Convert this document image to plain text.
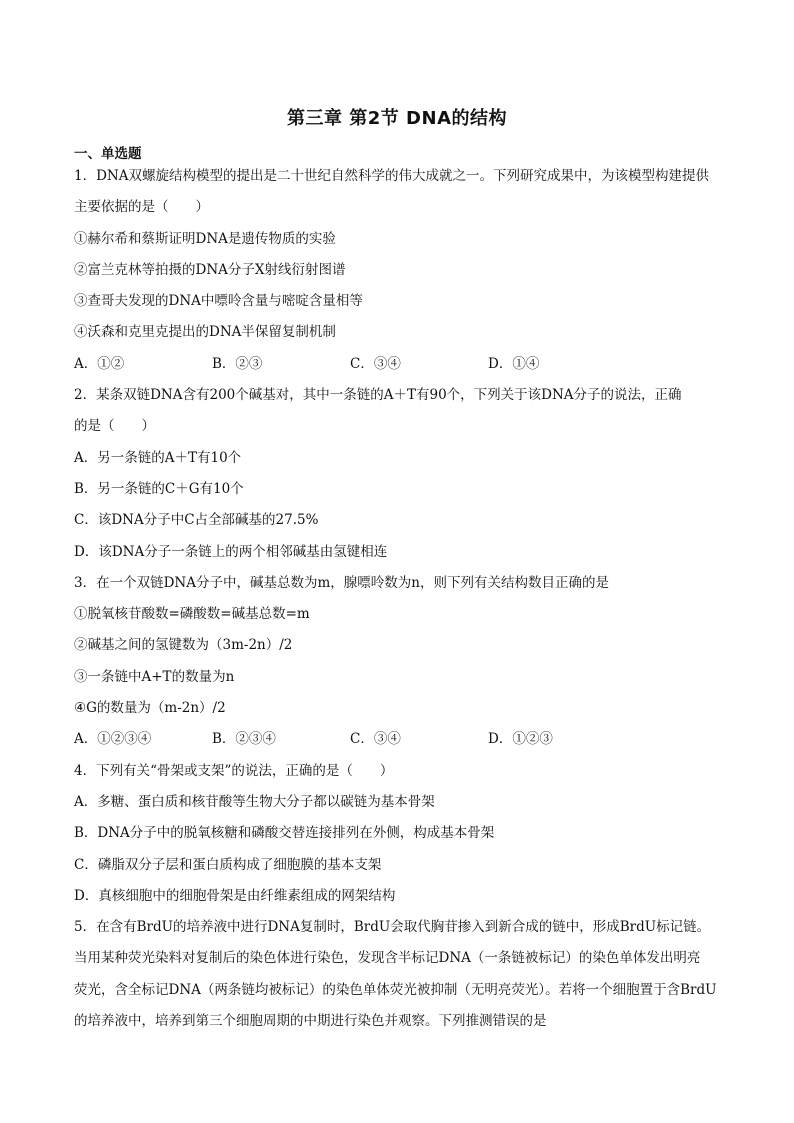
第三章 第2节 DNA的结构
一、单选题
1．DNA双螺旋结构模型的提出是二十世纪自然科学的伟大成就之一。下列研究成果中，为该模型构建提供
主要依据的是（　　）
①赫尔希和蔡斯证明DNA是遗传物质的实验
②富兰克林等拍摄的DNA分子X射线衍射图谱
③查哥夫发现的DNA中嘌呤含量与嘧啶含量相等
④沃森和克里克提出的DNA半保留复制机制
A．①②	B．②③	C．③④	D．①④
2．某条双链DNA含有200个碱基对，其中一条链的A＋T有90个，下列关于该DNA分子的说法，正确
的是（　　）
A．另一条链的A＋T有10个
B．另一条链的C＋G有10个
C．该DNA分子中C占全部碱基的27.5%
D．该DNA分子一条链上的两个相邻碱基由氢键相连
3．在一个双链DNA分子中，碱基总数为m，腺嘌呤数为n，则下列有关结构数目正确的是
①脱氧核苷酸数=磷酸数=碱基总数=m
②碱基之间的氢键数为（3m-2n）/2
③一条链中A+T的数量为n
④G的数量为（m-2n）/2
A．①②③④	B．②③④	C．③④	D．①②③
4．下列有关“骨架或支架”的说法，正确的是（　　）
A．多糖、蛋白质和核苷酸等生物大分子都以碳链为基本骨架
B．DNA分子中的脱氧核糖和磷酸交替连接排列在外侧，构成基本骨架
C．磷脂双分子层和蛋白质构成了细胞膜的基本支架
D．真核细胞中的细胞骨架是由纤维素组成的网架结构
5．在含有BrdU的培养液中进行DNA复制时，BrdU会取代胸苷掺入到新合成的链中，形成BrdU标记链。
当用某种荧光染料对复制后的染色体进行染色，发现含半标记DNA（一条链被标记）的染色单体发出明亮
荧光，含全标记DNA（两条链均被标记）的染色单体荧光被抑制（无明亮荧光）。若将一个细胞置于含BrdU
的培养液中，培养到第三个细胞周期的中期进行染色并观察。下列推测错误的是
